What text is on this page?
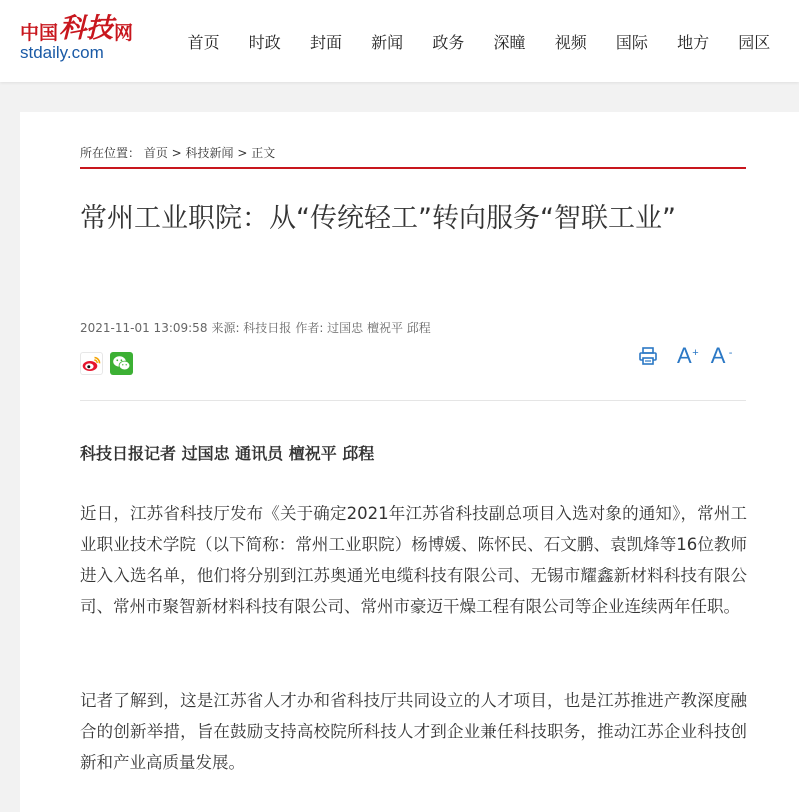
中国 科技 网
stdaily.com
首页	时政	封面	新闻	政务	深瞳	视频	国际	地方	园区
所在位置： 首页 > 科技新闻 > 正文
常州工业职院：从“传统轻工”转向服务“智联工业”
2021-11-01 13:09:58 来源: 科技日报 作者: 过国忠 檀祝平 邱程
A + A -
科技日报记者 过国忠 通讯员 檀祝平 邱程

近日，江苏省科技厅发布《关于确定2021年江苏省科技副总项目入选对象的通知》，常州工业职业技术学院（以下简称：常州工业职院）杨博媛、陈怀民、石文鹏、袁凯烽等16位教师进入入选名单，他们将分别到江苏奥通光电缆科技有限公司、无锡市耀鑫新材料科技有限公司、常州市聚智新材料科技有限公司、常州市豪迈干燥工程有限公司等企业连续两年任职。

记者了解到，这是江苏省人才办和省科技厅共同设立的人才项目，也是江苏推进产教深度融合的创新举措，旨在鼓励支持高校院所科技人才到企业兼任科技职务，推动江苏企业科技创新和产业高质量发展。
